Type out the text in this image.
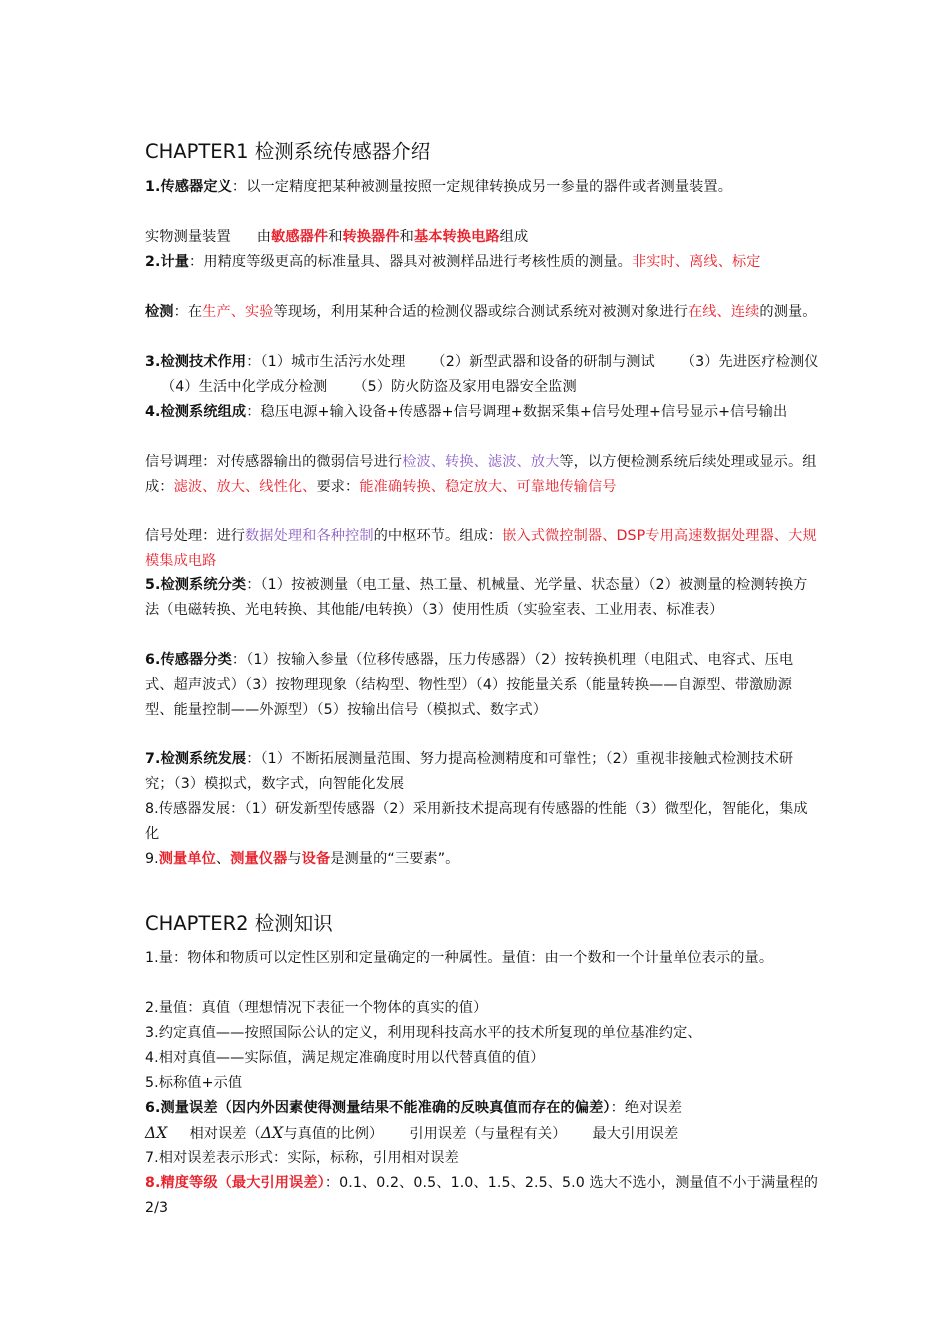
CHAPTER1 检测系统传感器介绍
1.传感器定义：以一定精度把某种被测量按照一定规律转换成另一参量的器件或者测量装置。
实物测量装置 由敏感器件和转换器件和基本转换电路组成
2.计量：用精度等级更高的标准量具、器具对被测样品进行考核性质的测量。非实时、离线、标定
检测：在生产、实验等现场，利用某种合适的检测仪器或综合测试系统对被测对象进行在线、连续的测量。
3.检测技术作用：（1）城市生活污水处理 （2）新型武器和设备的研制与测试 （3）先进医疗检测仪（4）生活中化学成分检测 （5）防火防盗及家用电器安全监测
4.检测系统组成：稳压电源+输入设备+传感器+信号调理+数据采集+信号处理+信号显示+信号输出
信号调理：对传感器输出的微弱信号进行检波、转换、滤波、放大等，以方便检测系统后续处理或显示。组成：滤波、放大、线性化、要求：能准确转换、稳定放大、可靠地传输信号
信号处理：进行数据处理和各种控制的中枢环节。组成：嵌入式微控制器、DSP专用高速数据处理器、大规模集成电路
5.检测系统分类：（1）按被测量（电工量、热工量、机械量、光学量、状态量）（2）被测量的检测转换方法（电磁转换、光电转换、其他能/电转换）（3）使用性质（实验室表、工业用表、标准表）
6.传感器分类：（1）按输入参量（位移传感器，压力传感器）（2）按转换机理（电阻式、电容式、压电式、超声波式）（3）按物理现象（结构型、物性型）（4）按能量关系（能量转换——自源型、带激励源型、能量控制——外源型）（5）按输出信号（模拟式、数字式）
7.检测系统发展：（1）不断拓展测量范围、努力提高检测精度和可靠性；（2）重视非接触式检测技术研究；（3）模拟式，数字式，向智能化发展
8.传感器发展：（1）研发新型传感器（2）采用新技术提高现有传感器的性能（3）微型化，智能化，集成化
9.测量单位、测量仪器与设备是测量的“三要素”。
CHAPTER2 检测知识
1.量：物体和物质可以定性区别和定量确定的一种属性。量值：由一个数和一个计量单位表示的量。
2.量值：真值（理想情况下表征一个物体的真实的值）
3.约定真值——按照国际公认的定义，利用现科技高水平的技术所复现的单位基准约定、
4.相对真值——实际值，满足规定准确度时用以代替真值的值）
5.标称值+示值
6.测量误差（因内外因素使得测量结果不能准确的反映真值而存在的偏差）：绝对误差
ΔX 相对误差（ΔX与真值的比例） 引用误差（与量程有关） 最大引用误差
7.相对误差表示形式：实际，标称，引用相对误差
8.精度等级（最大引用误差）：0.1、0.2、0.5、1.0、1.5、2.5、5.0 选大不选小，测量值不小于满量程的 2/3
